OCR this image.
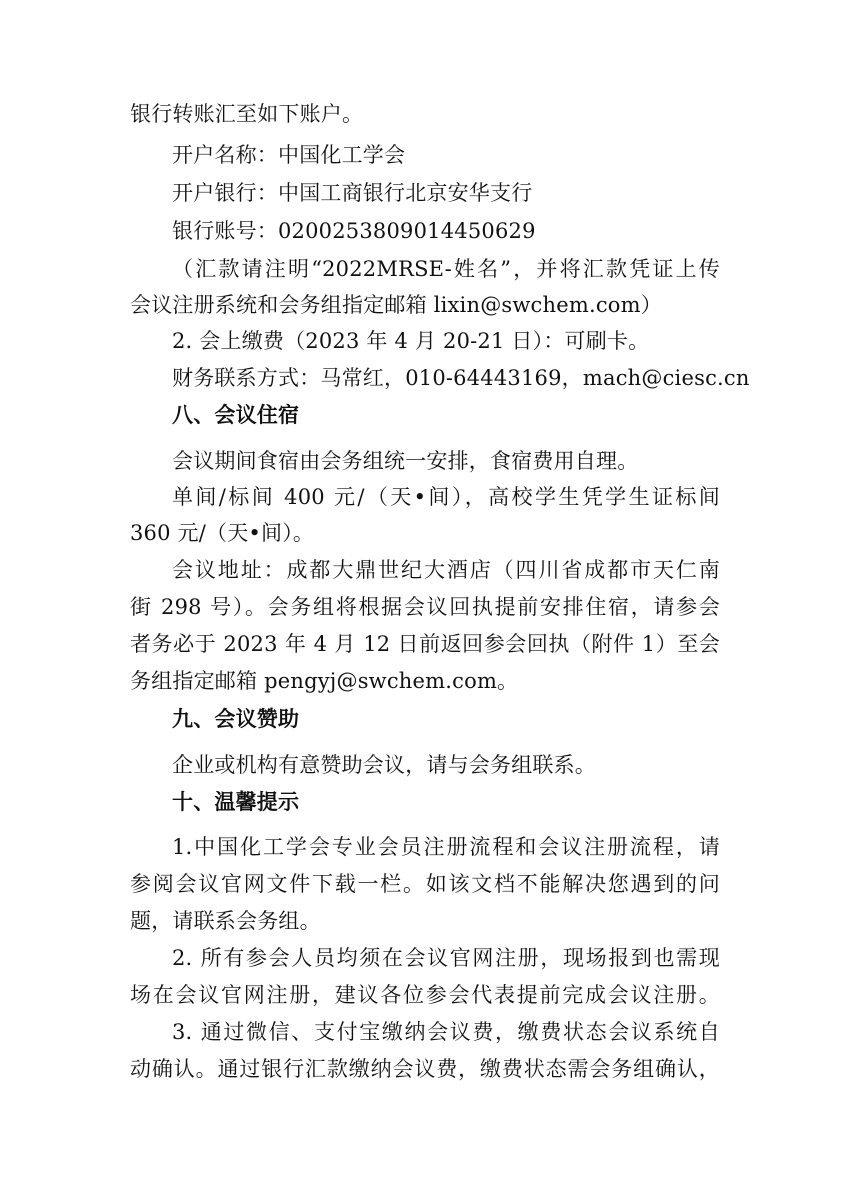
银行转账汇至如下账户。
开户名称：中国化工学会
开户银行：中国工商银行北京安华支行
银行账号：0200253809014450629
（汇款请注明“2022MRSE-姓名”，并将汇款凭证上传
会议注册系统和会务组指定邮箱 lixin@swchem.com）
2. 会上缴费（2023 年 4 月 20-21 日）：可刷卡。
财务联系方式：马常红，010-64443169，mach@ciesc.cn
八、会议住宿
会议期间食宿由会务组统一安排，食宿费用自理。
单间/标间 400 元/（天•间），高校学生凭学生证标间
360 元/（天•间）。
会议地址：成都大鼎世纪大酒店（四川省成都市天仁南
街 298 号）。会务组将根据会议回执提前安排住宿，请参会
者务必于 2023 年 4 月 12 日前返回参会回执（附件 1）至会
务组指定邮箱 pengyj@swchem.com。
九、会议赞助
企业或机构有意赞助会议，请与会务组联系。
十、温馨提示
1.中国化工学会专业会员注册流程和会议注册流程，请
参阅会议官网文件下载一栏。如该文档不能解决您遇到的问
题，请联系会务组。
2. 所有参会人员均须在会议官网注册，现场报到也需现
场在会议官网注册，建议各位参会代表提前完成会议注册。
3. 通过微信、支付宝缴纳会议费，缴费状态会议系统自
动确认。通过银行汇款缴纳会议费，缴费状态需会务组确认，
